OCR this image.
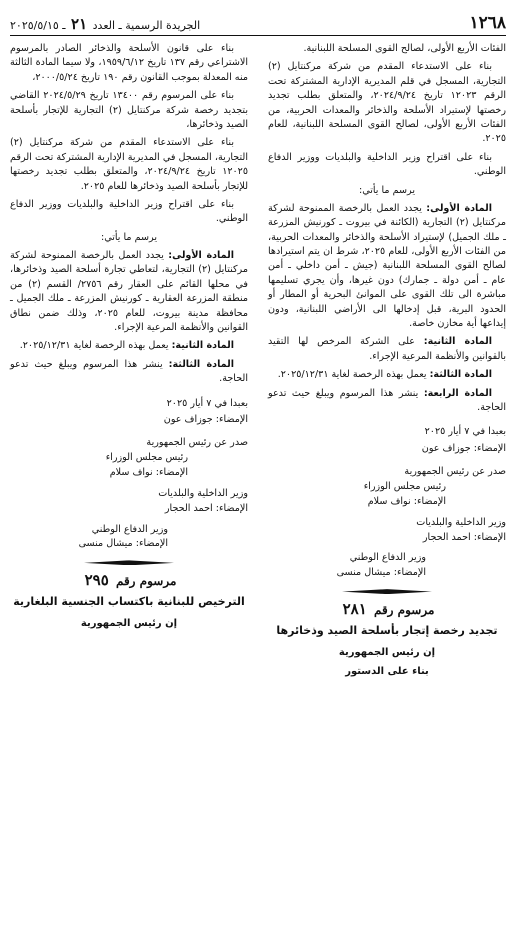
١٢٦٨
الجريدة الرسمية ـ العدد ٢١ ـ ٢٠٢٥/٥/١٥

الفئات الأربع الأولى، لصالح القوى المسلحة اللبنانية.

بناء على الاستدعاء المقدم من شركة مركنتايل (٢) التجارية، المسجل في قلم المديرية الإدارية المشتركة تحت الرقم ١٢٠٢٣ تاريخ ٢٠٢٤/٩/٢٤، والمتعلق بطلب تجديد رخصتها لإستيراد الأسلحة والذخائر والمعدات الحربية، من الفئات الأربع الأولى، لصالح القوى المسلحة اللبنانية، للعام ٢٠٢٥.

بناء على اقتراح وزير الداخلية والبلديات ووزير الدفاع الوطني.

يرسم ما يأتي:

المادة الأولى: يجدد العمل بالرخصة الممنوحة لشركة مركنتايل (٢) التجارية (الكائنة في بيروت ـ كورنيش المزرعة ـ ملك الجميل) لإستيراد الأسلحة والذخائر والمعدات الحربية، من الفئات الأربع الأولى، للعام ٢٠٢٥، شرط ان يتم استيرادها لصالح القوى المسلحة اللبنانية (جيش ـ أمن داخلي ـ أمن عام ـ أمن دولة ـ جمارك) دون غيرها، وأن يجري تسليمها مباشرة الى تلك القوى على الموانئ البحرية أو المطار أو الحدود البرية، قبل إدخالها الى الأراضي اللبنانية، ودون إيداعها أية مخازن خاصة.

المادة الثانية: على الشركة المرخص لها التقيد بالقوانين والأنظمة المرعية الإجراء.

المادة الثالثة: يعمل بهذه الرخصة لغاية ٢٠٢٥/١٢/٣١.

المادة الرابعة: ينشر هذا المرسوم ويبلغ حيث تدعو الحاجة.

بعبدا في ٧ أيار ٢٠٢٥
الإمضاء: جوزاف عون
صدر عن رئيس الجمهورية
رئيس مجلس الوزراء
الإمضاء: نواف سلام
وزير الداخلية والبلديات
الإمضاء: احمد الحجار
وزير الدفاع الوطني
الإمضاء: ميشال منسى
مرسوم رقم ٢٨١
تجديد رخصة إتجار بأسلحة الصيد وذخائرها
إن رئيس الجمهورية
بناء على الدستور

بناء على قانون الأسلحة والذخائر الصادر بالمرسوم الاشتراعي رقم ١٣٧ تاريخ ١٩٥٩/٦/١٢، ولا سيما المادة الثالثة منه المعدلة بموجب القانون رقم ١٩٠ تاريخ ٢٠٠٠/٥/٢٤،

بناء على المرسوم رقم ١٣٤٠٠ تاريخ ٢٠٢٤/٥/٢٩ القاضي بتجديد رخصة شركة مركنتايل (٢) التجارية للإتجار بأسلحة الصيد وذخائرها،

بناء على الاستدعاء المقدم من شركة مركنتايل (٢) التجارية، المسجل في المديرية الإدارية المشتركة تحت الرقم ١٢٠٢٥ تاريخ ٢٠٢٤/٩/٢٤، والمتعلق بطلب تجديد رخصتها للإتجار بأسلحة الصيد وذخائرها للعام ٢٠٢٥.

بناء على اقتراح وزير الداخلية والبلديات ووزير الدفاع الوطني.

يرسم ما يأتي:

المادة الأولى: يجدد العمل بالرخصة الممنوحة لشركة مركنتايل (٢) التجارية، لتعاطي تجارة أسلحة الصيد وذخائرها، في محلها القائم على العقار رقم ٢٧٥٦/ القسم (٢) من منطقة المزرعة العقارية ـ كورنيش المزرعة ـ ملك الجميل ـ محافظة مدينة بيروت، للعام ٢٠٢٥، وذلك ضمن نطاق القوانين والأنظمة المرعية الإجراء.

المادة الثانية: يعمل بهذه الرخصة لغاية ٢٠٢٥/١٢/٣١.

المادة الثالثة: ينشر هذا المرسوم ويبلغ حيث تدعو الحاجة.

بعبدا في ٧ أيار ٢٠٢٥
الإمضاء: جوزاف عون
صدر عن رئيس الجمهورية
رئيس مجلس الوزراء
الإمضاء: نواف سلام
وزير الداخلية والبلديات
الإمضاء: احمد الحجار
وزير الدفاع الوطني
الإمضاء: ميشال منسى
مرسوم رقم ٢٩٥
الترخيص للبنانية باكتساب الجنسية البلغارية
إن رئيس الجمهورية
